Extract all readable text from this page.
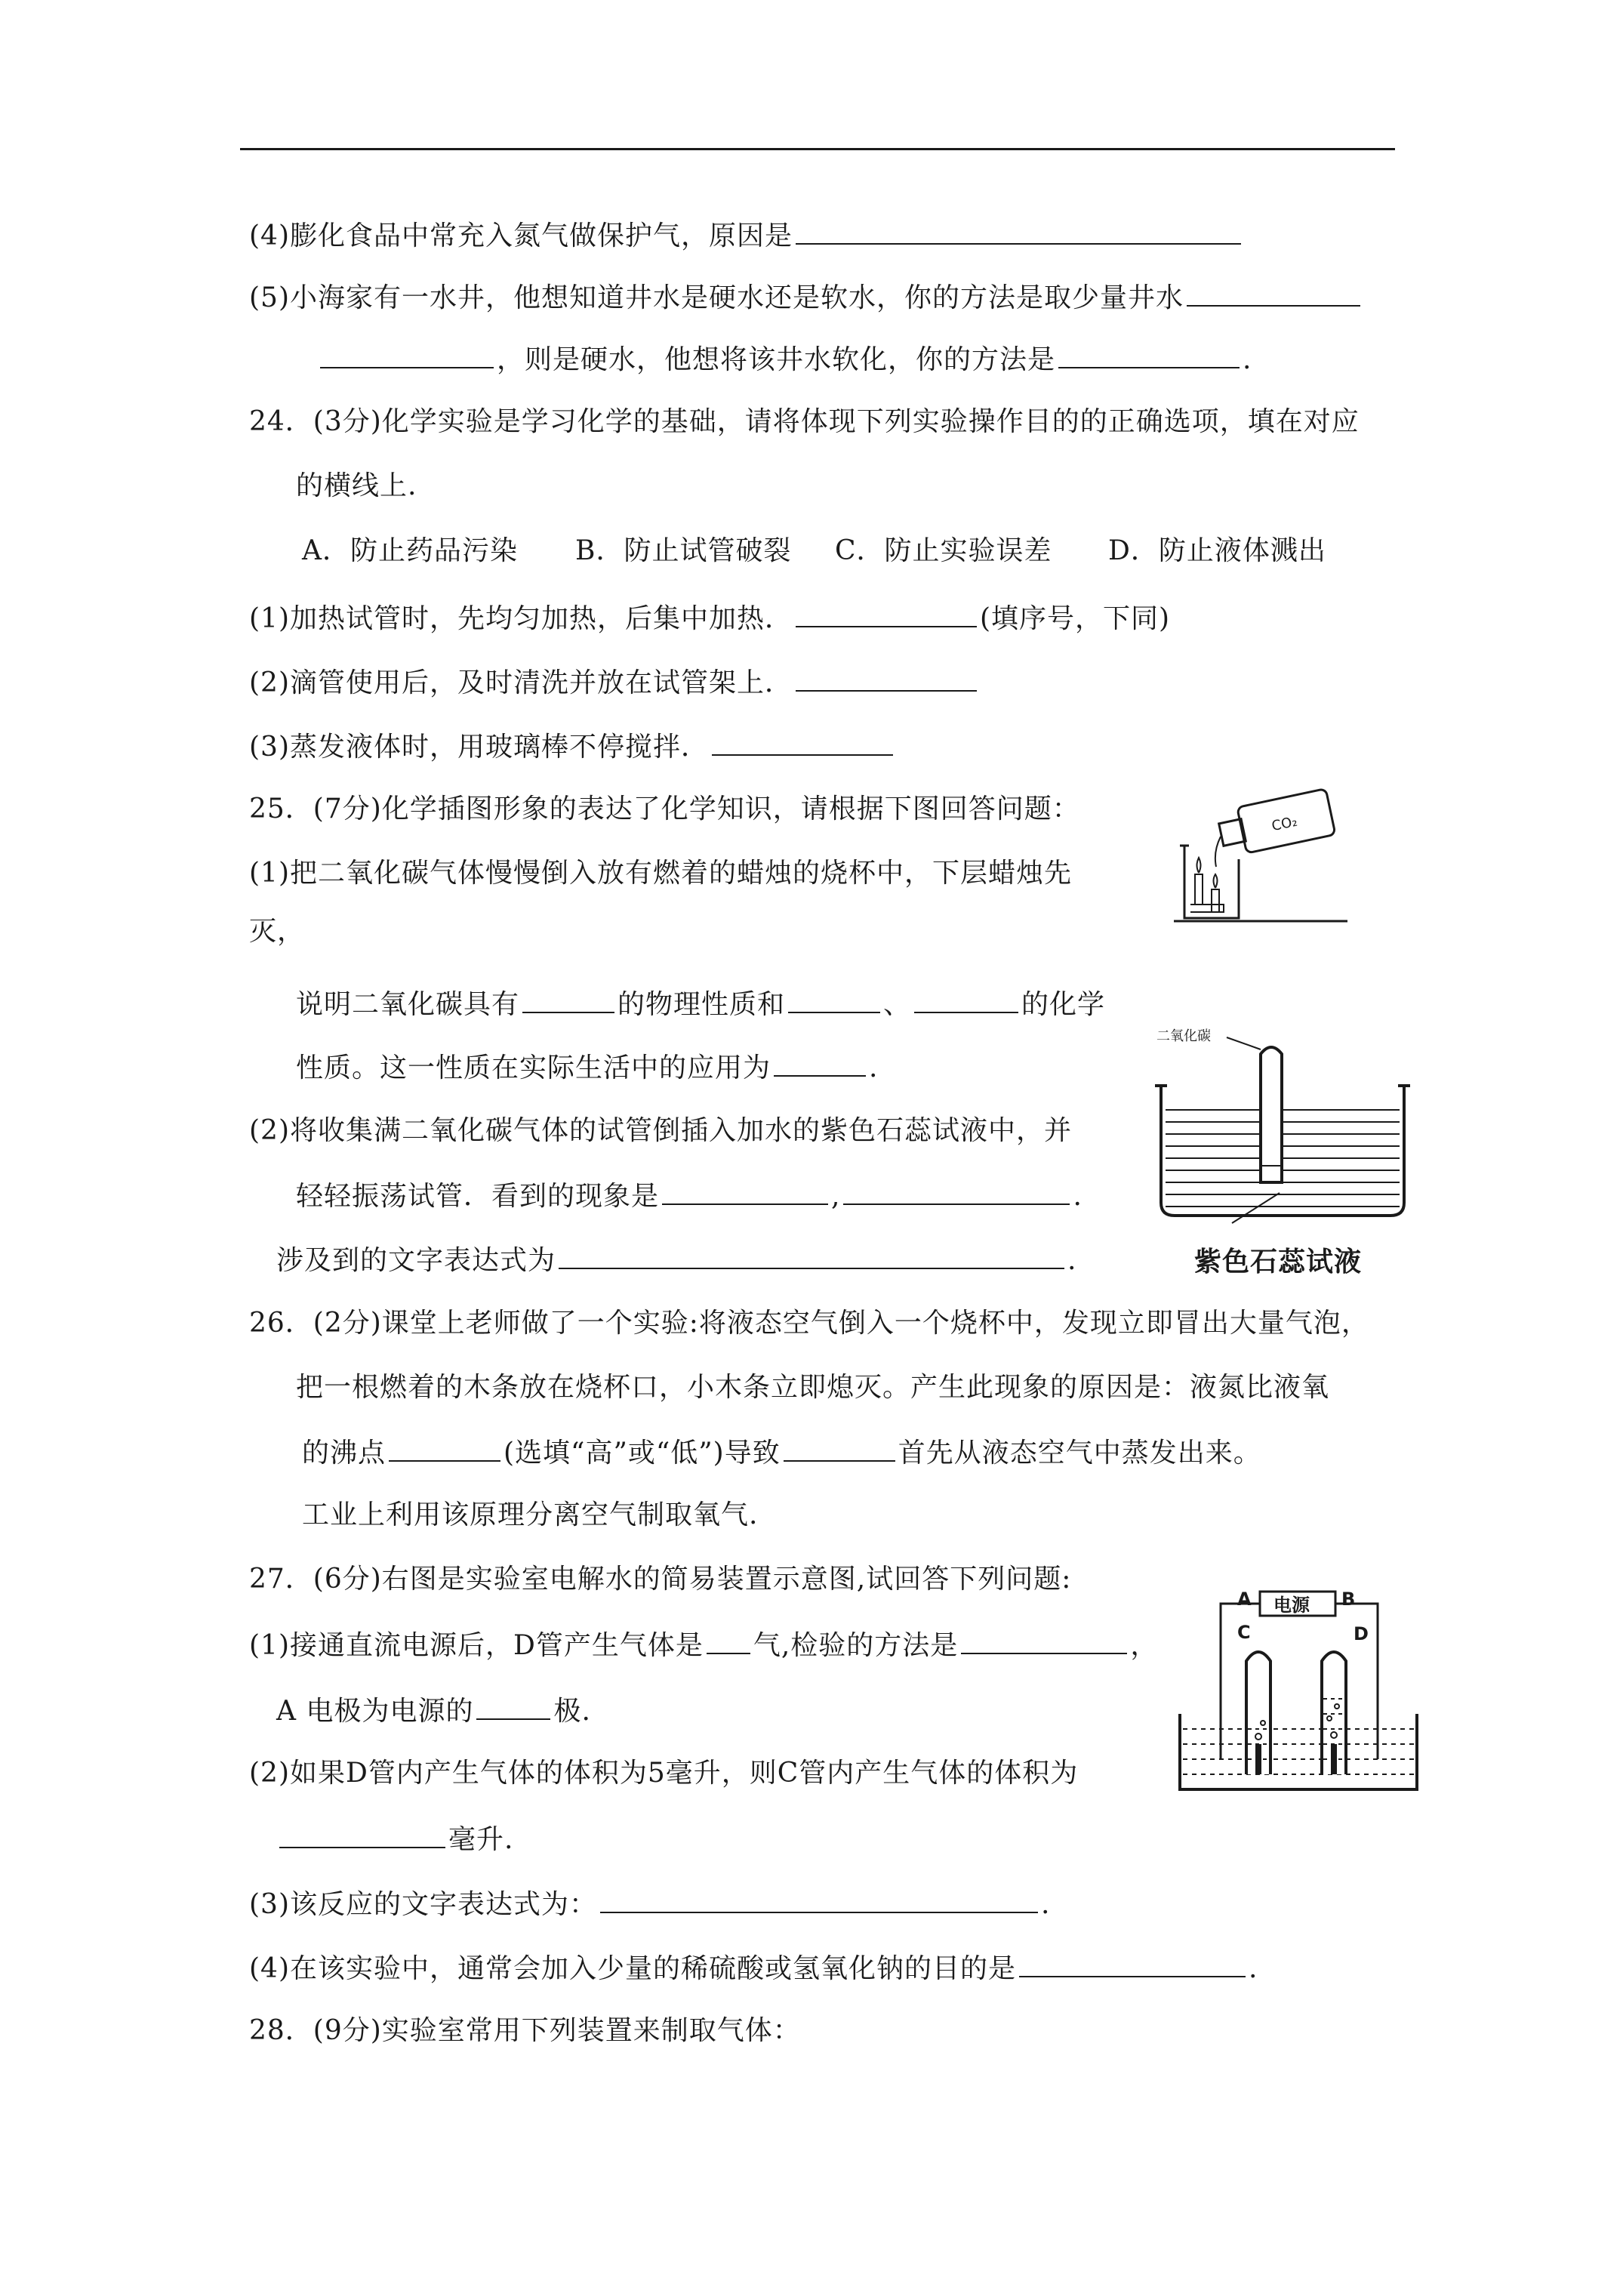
(4)膨化食品中常充入氮气做保护气，原因是
(5)小海家有一水井，他想知道井水是硬水还是软水，你的方法是取少量井水
，则是硬水，他想将该井水软化，你的方法是	.
24．(3分)化学实验是学习化学的基础，请将体现下列实验操作目的的正确选项，填在对应
的横线上.
A．防止药品污染 B．防止试管破裂 C．防止实验误差 D．防止液体溅出
(1)加热试管时，先均匀加热，后集中加热．	(填序号，下同)
(2)滴管使用后，及时清洗并放在试管架上．
(3)蒸发液体时，用玻璃棒不停搅拌．
25．(7分)化学插图形象的表达了化学知识，请根据下图回答问题：
(1)把二氧化碳气体慢慢倒入放有燃着的蜡烛的烧杯中，下层蜡烛先
灭，
说明二氧化碳具有	的物理性质和	、	的化学
性质。这一性质在实际生活中的应用为	.
(2)将收集满二氧化碳气体的试管倒插入加水的紫色石蕊试液中，并
轻轻振荡试管．看到的现象是	,	.
涉及到的文字表达式为	.
CO₂
二氧化碳
紫色石蕊试液
26．(2分)课堂上老师做了一个实验:将液态空气倒入一个烧杯中，发现立即冒出大量气泡，
把一根燃着的木条放在烧杯口，小木条立即熄灭。产生此现象的原因是：液氮比液氧
的沸点	(选填“高”或“低”)导致	首先从液态空气中蒸发出来。
工业上利用该原理分离空气制取氧气.
27．(6分)右图是实验室电解水的简易装置示意图,试回答下列问题:
(1)接通直流电源后，D管产生气体是 气,检验的方法是	，
A 电极为电源的	极.
(2)如果D管内产生气体的体积为5毫升，则C管内产生气体的体积为
毫升.
(3)该反应的文字表达式为：	.
(4)在该实验中，通常会加入少量的稀硫酸或氢氧化钠的目的是	.
A	B
C	D
电源
28．(9分)实验室常用下列装置来制取气体：
